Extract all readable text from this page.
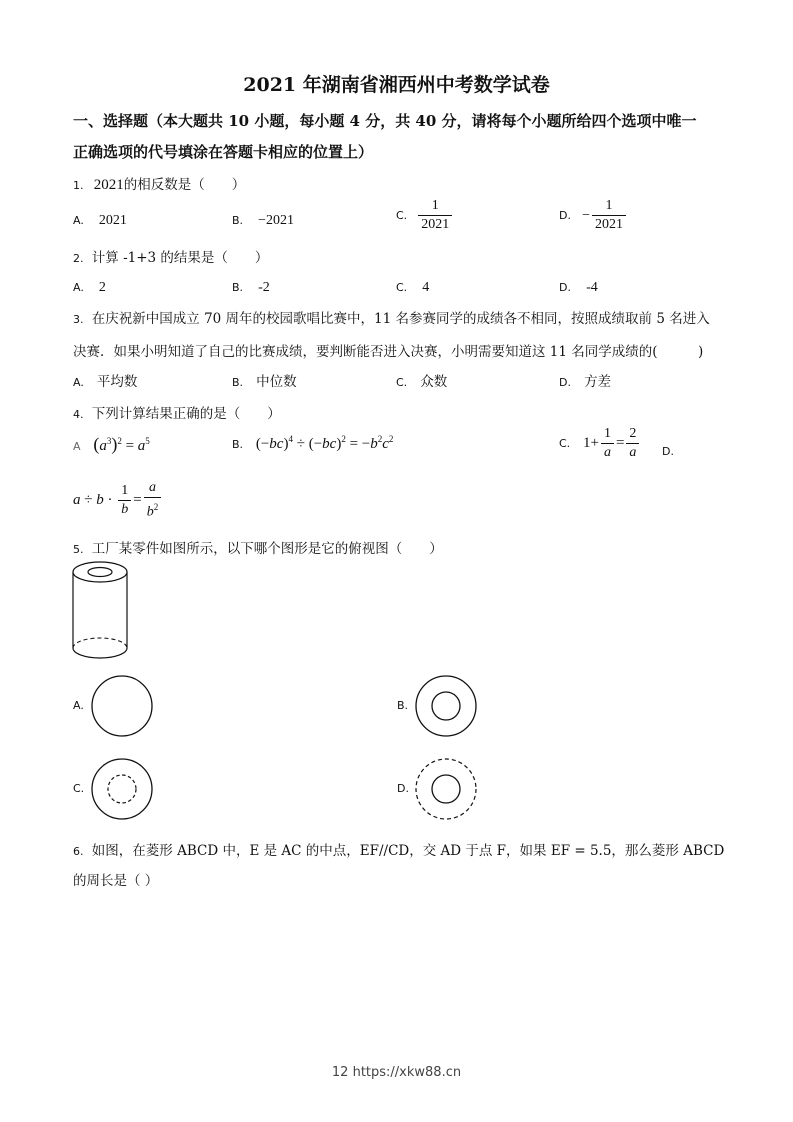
2021 年湖南省湘西州中考数学试卷
一、选择题（本大题共 10 小题，每小题 4 分，共 40 分，请将每个小题所给四个选项中唯一
正确选项的代号填涂在答题卡相应的位置上）
1. 2021的相反数是（　　）
A. 2021	B. −2021	C. $\frac{1}{2021}$	D. − $\frac{1}{2021}$
2. 计算 -1+3 的结果是（　　）
A. 2	B. -2	C. 4	D. -4
3. 在庆祝新中国成立 70 周年的校园歌唱比赛中，11 名参赛同学的成绩各不相同，按照成绩取前 5 名进入
决赛．如果小明知道了自己的比赛成绩，要判断能否进入决赛，小明需要知道这 11 名同学成绩的(　　　)
A. 平均数	B. 中位数	C. 众数	D. 方差
4. 下列计算结果正确的是（　　）
A $(a^3)^2 = a^5$	B. $(-bc)^4 \div (-bc)^2 = -b^2c^2$	C. $1+ \frac{1}{a} = \frac{2}{a} D$.
$a \div b \cdot \frac{1}{b} = \frac{a}{b^2}$
5. 工厂某零件如图所示，以下哪个图形是它的俯视图（　　）
A.	B.
C.	D.
6. 如图，在菱形 ABCD 中，E 是 AC 的中点，EF//CD，交 AD 于点 F，如果 EF = 5.5，那么菱形 ABCD
的周长是（ ）
12 https://xkw88.cn
